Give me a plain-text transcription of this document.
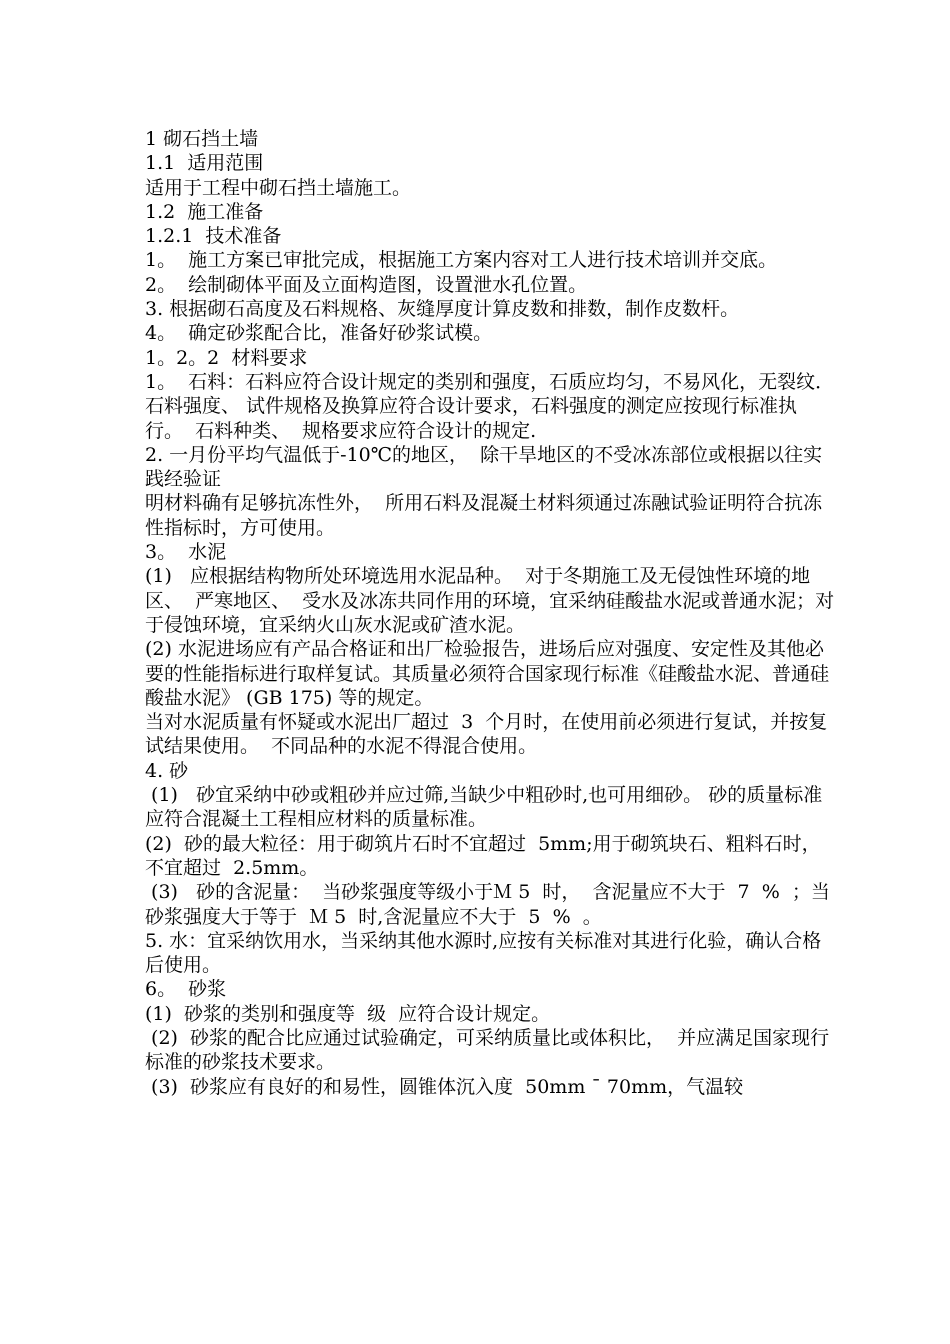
1 砌石挡土墙

1.1  适用范围

适用于工程中砌石挡土墙施工。

1.2  施工准备

1.2.1  技术准备

1。  施工方案已审批完成，根据施工方案内容对工人进行技术培训并交底。

2。  绘制砌体平面及立面构造图，设置泄水孔位置。

3. 根据砌石高度及石料规格、灰缝厚度计算皮数和排数，制作皮数杆。

4。  确定砂浆配合比，准备好砂浆试模。

1。2。2  材料要求

1。  石料：石料应符合设计规定的类别和强度，石质应均匀，不易风化，无裂纹．石料强度、 试件规格及换算应符合设计要求，石料强度的测定应按现行标准执行。  石料种类、  规格要求应符合设计的规定.

2. 一月份平均气温低于-10℃的地区，  除干旱地区的不受冰冻部位或根据以往实践经验证

明材料确有足够抗冻性外，  所用石料及混凝土材料须通过冻融试验证明符合抗冻性指标时，方可使用。

3。  水泥

(1)   应根据结构物所处环境选用水泥品种。  对于冬期施工及无侵蚀性环境的地区、  严寒地区、  受水及冰冻共同作用的环境，宜采纳硅酸盐水泥或普通水泥；对于侵蚀环境，宜采纳火山灰水泥或矿渣水泥。

(2) 水泥进场应有产品合格证和出厂检验报告，进场后应对强度、安定性及其他必要的性能指标进行取样复试。其质量必须符合国家现行标准《硅酸盐水泥、普通硅酸盐水泥》 (GB 175) 等的规定。

当对水泥质量有怀疑或水泥出厂超过  3  个月时，在使用前必须进行复试，并按复试结果使用。  不同品种的水泥不得混合使用。

4. 砂

(1)   砂宜采纳中砂或粗砂并应过筛,当缺少中粗砂时,也可用细砂。 砂的质量标准应符合混凝土工程相应材料的质量标准。

(2)  砂的最大粒径：用于砌筑片石时不宜超过  5mm;用于砌筑块石、粗料石时，不宜超过  2.5mm。

(3)   砂的含泥量：  当砂浆强度等级小于Ｍ 5  时，  含泥量应不大于  7  %  ；当砂浆强度大于等于  Ｍ 5  时,含泥量应不大于  5  %  。

5. 水：宜采纳饮用水，当采纳其他水源时,应按有关标准对其进行化验，确认合格后使用。

6。  砂浆

(1)  砂浆的类别和强度等  级  应符合设计规定。

(2)  砂浆的配合比应通过试验确定，可采纳质量比或体积比，  并应满足国家现行标准的砂浆技术要求。

(3)  砂浆应有良好的和易性，圆锥体沉入度  50mm ¯ 70mm，气温较
